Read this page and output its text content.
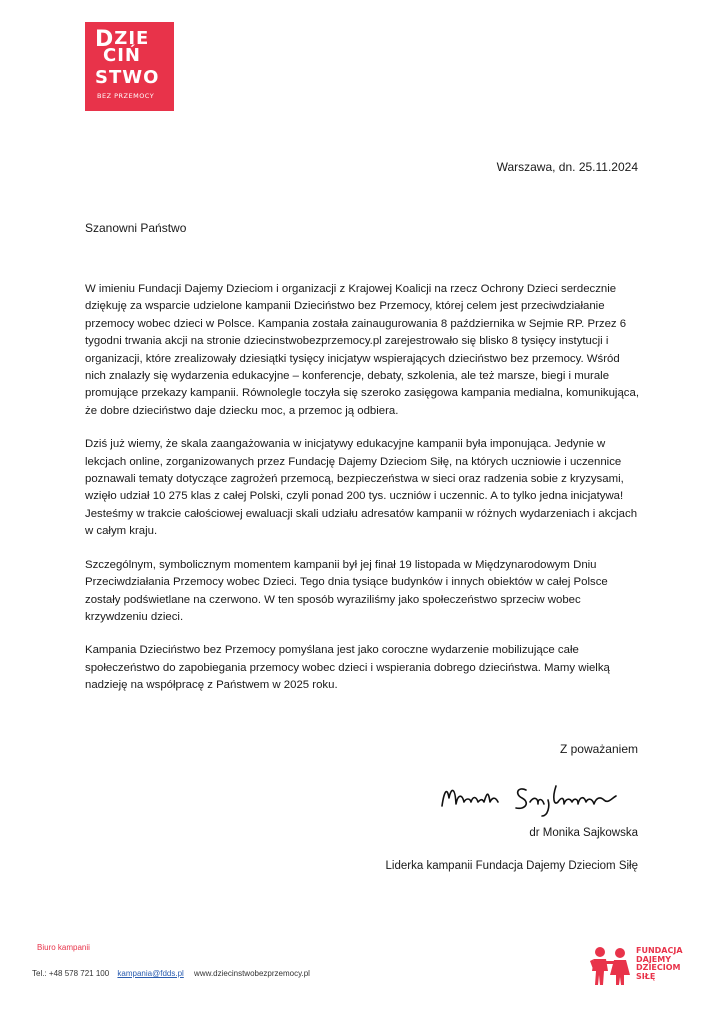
DZIE
CIŃ
STWO
BEZ PRZEMOCY
Warszawa, dn. 25.11.2024
Szanowni Państwo

W imieniu Fundacji Dajemy Dzieciom i organizacji z Krajowej Koalicji na rzecz Ochrony Dzieci serdecznie dziękuję za wsparcie udzielone kampanii Dzieciństwo bez Przemocy, której celem jest przeciwdziałanie przemocy wobec dzieci w Polsce. Kampania została zainaugurowania 8 października w Sejmie RP. Przez 6 tygodni trwania akcji na stronie dziecinstwobezprzemocy.pl zarejestrowało się blisko 8 tysięcy instytucji i organizacji, które zrealizowały dziesiątki tysięcy inicjatyw wspierających dzieciństwo bez przemocy. Wśród nich znalazły się wydarzenia edukacyjne – konferencje, debaty, szkolenia, ale też marsze, biegi i murale promujące przekazy kampanii. Równolegle toczyła się szeroko zasięgowa kampania medialna, komunikująca, że dobre dzieciństwo daje dziecku moc, a przemoc ją odbiera.

Dziś już wiemy, że skala zaangażowania w inicjatywy edukacyjne kampanii była imponująca. Jedynie w lekcjach online, zorganizowanych przez Fundację Dajemy Dzieciom Siłę, na których uczniowie i uczennice poznawali tematy dotyczące zagrożeń przemocą, bezpieczeństwa w sieci oraz radzenia sobie z kryzysami, wzięło udział 10 275 klas z całej Polski, czyli ponad 200 tys. uczniów i uczennic. A to tylko jedna inicjatywa! Jesteśmy w trakcie całościowej ewaluacji skali udziału adresatów kampanii w różnych wydarzeniach i akcjach w całym kraju.

Szczególnym, symbolicznym momentem kampanii był jej finał 19 listopada w Międzynarodowym Dniu Przeciwdziałania Przemocy wobec Dzieci. Tego dnia tysiące budynków i innych obiektów w całej Polsce zostały podświetlane na czerwono. W ten sposób wyraziliśmy jako społeczeństwo sprzeciw wobec krzywdzeniu dzieci.

Kampania Dzieciństwo bez Przemocy pomyślana jest jako coroczne wydarzenie mobilizujące całe społeczeństwo do zapobiegania przemocy wobec dzieci i wspierania dobrego dzieciństwa. Mamy wielką nadzieję na współpracę z Państwem w 2025 roku.

Z poważaniem
dr Monika Sajkowska
Liderka kampanii Fundacja Dajemy Dzieciom Siłę
Biuro kampanii
Tel.: +48 578 721 100 kampania@fdds.pl www.dziecinstwobezprzemocy.pl
FUNDACJA
DAJEMY
DZIECIOM
SIŁĘ
